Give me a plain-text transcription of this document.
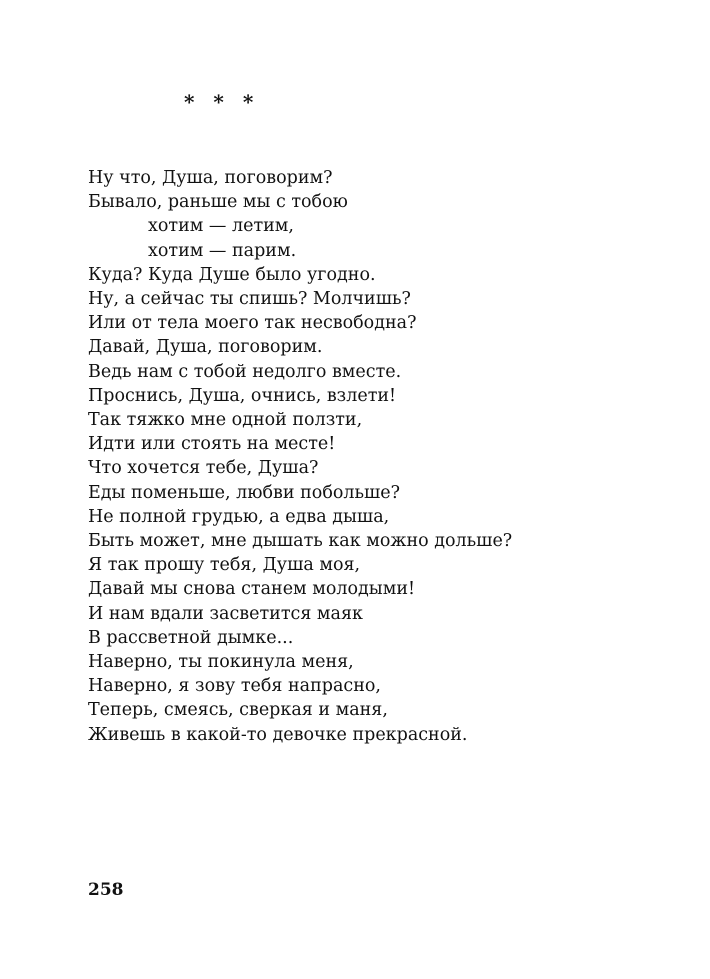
* * *
Ну что, Душа, поговорим?
Бывало, раньше мы с тобою
хотим — летим,
хотим — парим.
Куда? Куда Душе было угодно.
Ну, а сейчас ты спишь? Молчишь?
Или от тела моего так несвободна?
Давай, Душа, поговорим.
Ведь нам с тобой недолго вместе.
Проснись, Душа, очнись, взлети!
Так тяжко мне одной ползти,
Идти или стоять на месте!
Что хочется тебе, Душа?
Еды поменьше, любви побольше?
Не полной грудью, а едва дыша,
Быть может, мне дышать как можно дольше?
Я так прошу тебя, Душа моя,
Давай мы снова станем молодыми!
И нам вдали засветится маяк
В рассветной дымке...
Наверно, ты покинула меня,
Наверно, я зову тебя напрасно,
Теперь, смеясь, сверкая и маня,
Живешь в какой-то девочке прекрасной.
258
